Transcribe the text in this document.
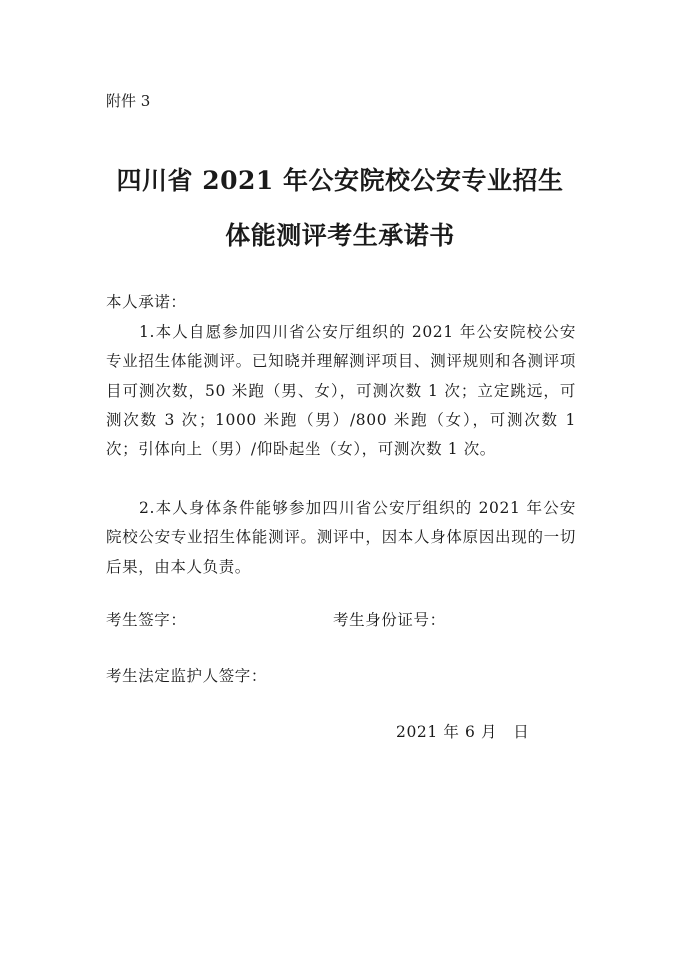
附件 3
四川省 2021 年公安院校公安专业招生
体能测评考生承诺书
本人承诺：
1.本人自愿参加四川省公安厅组织的 2021 年公安院校公安专业招生体能测评。已知晓并理解测评项目、测评规则和各测评项目可测次数，50 米跑（男、女），可测次数 1 次；立定跳远，可测次数 3 次；1000 米跑（男）/800 米跑（女），可测次数 1 次；引体向上（男）/仰卧起坐（女），可测次数 1 次。
2.本人身体条件能够参加四川省公安厅组织的 2021 年公安院校公安专业招生体能测评。测评中，因本人身体原因出现的一切后果，由本人负责。
考生签字：	考生身份证号：
考生法定监护人签字：
2021 年 6 月　日
